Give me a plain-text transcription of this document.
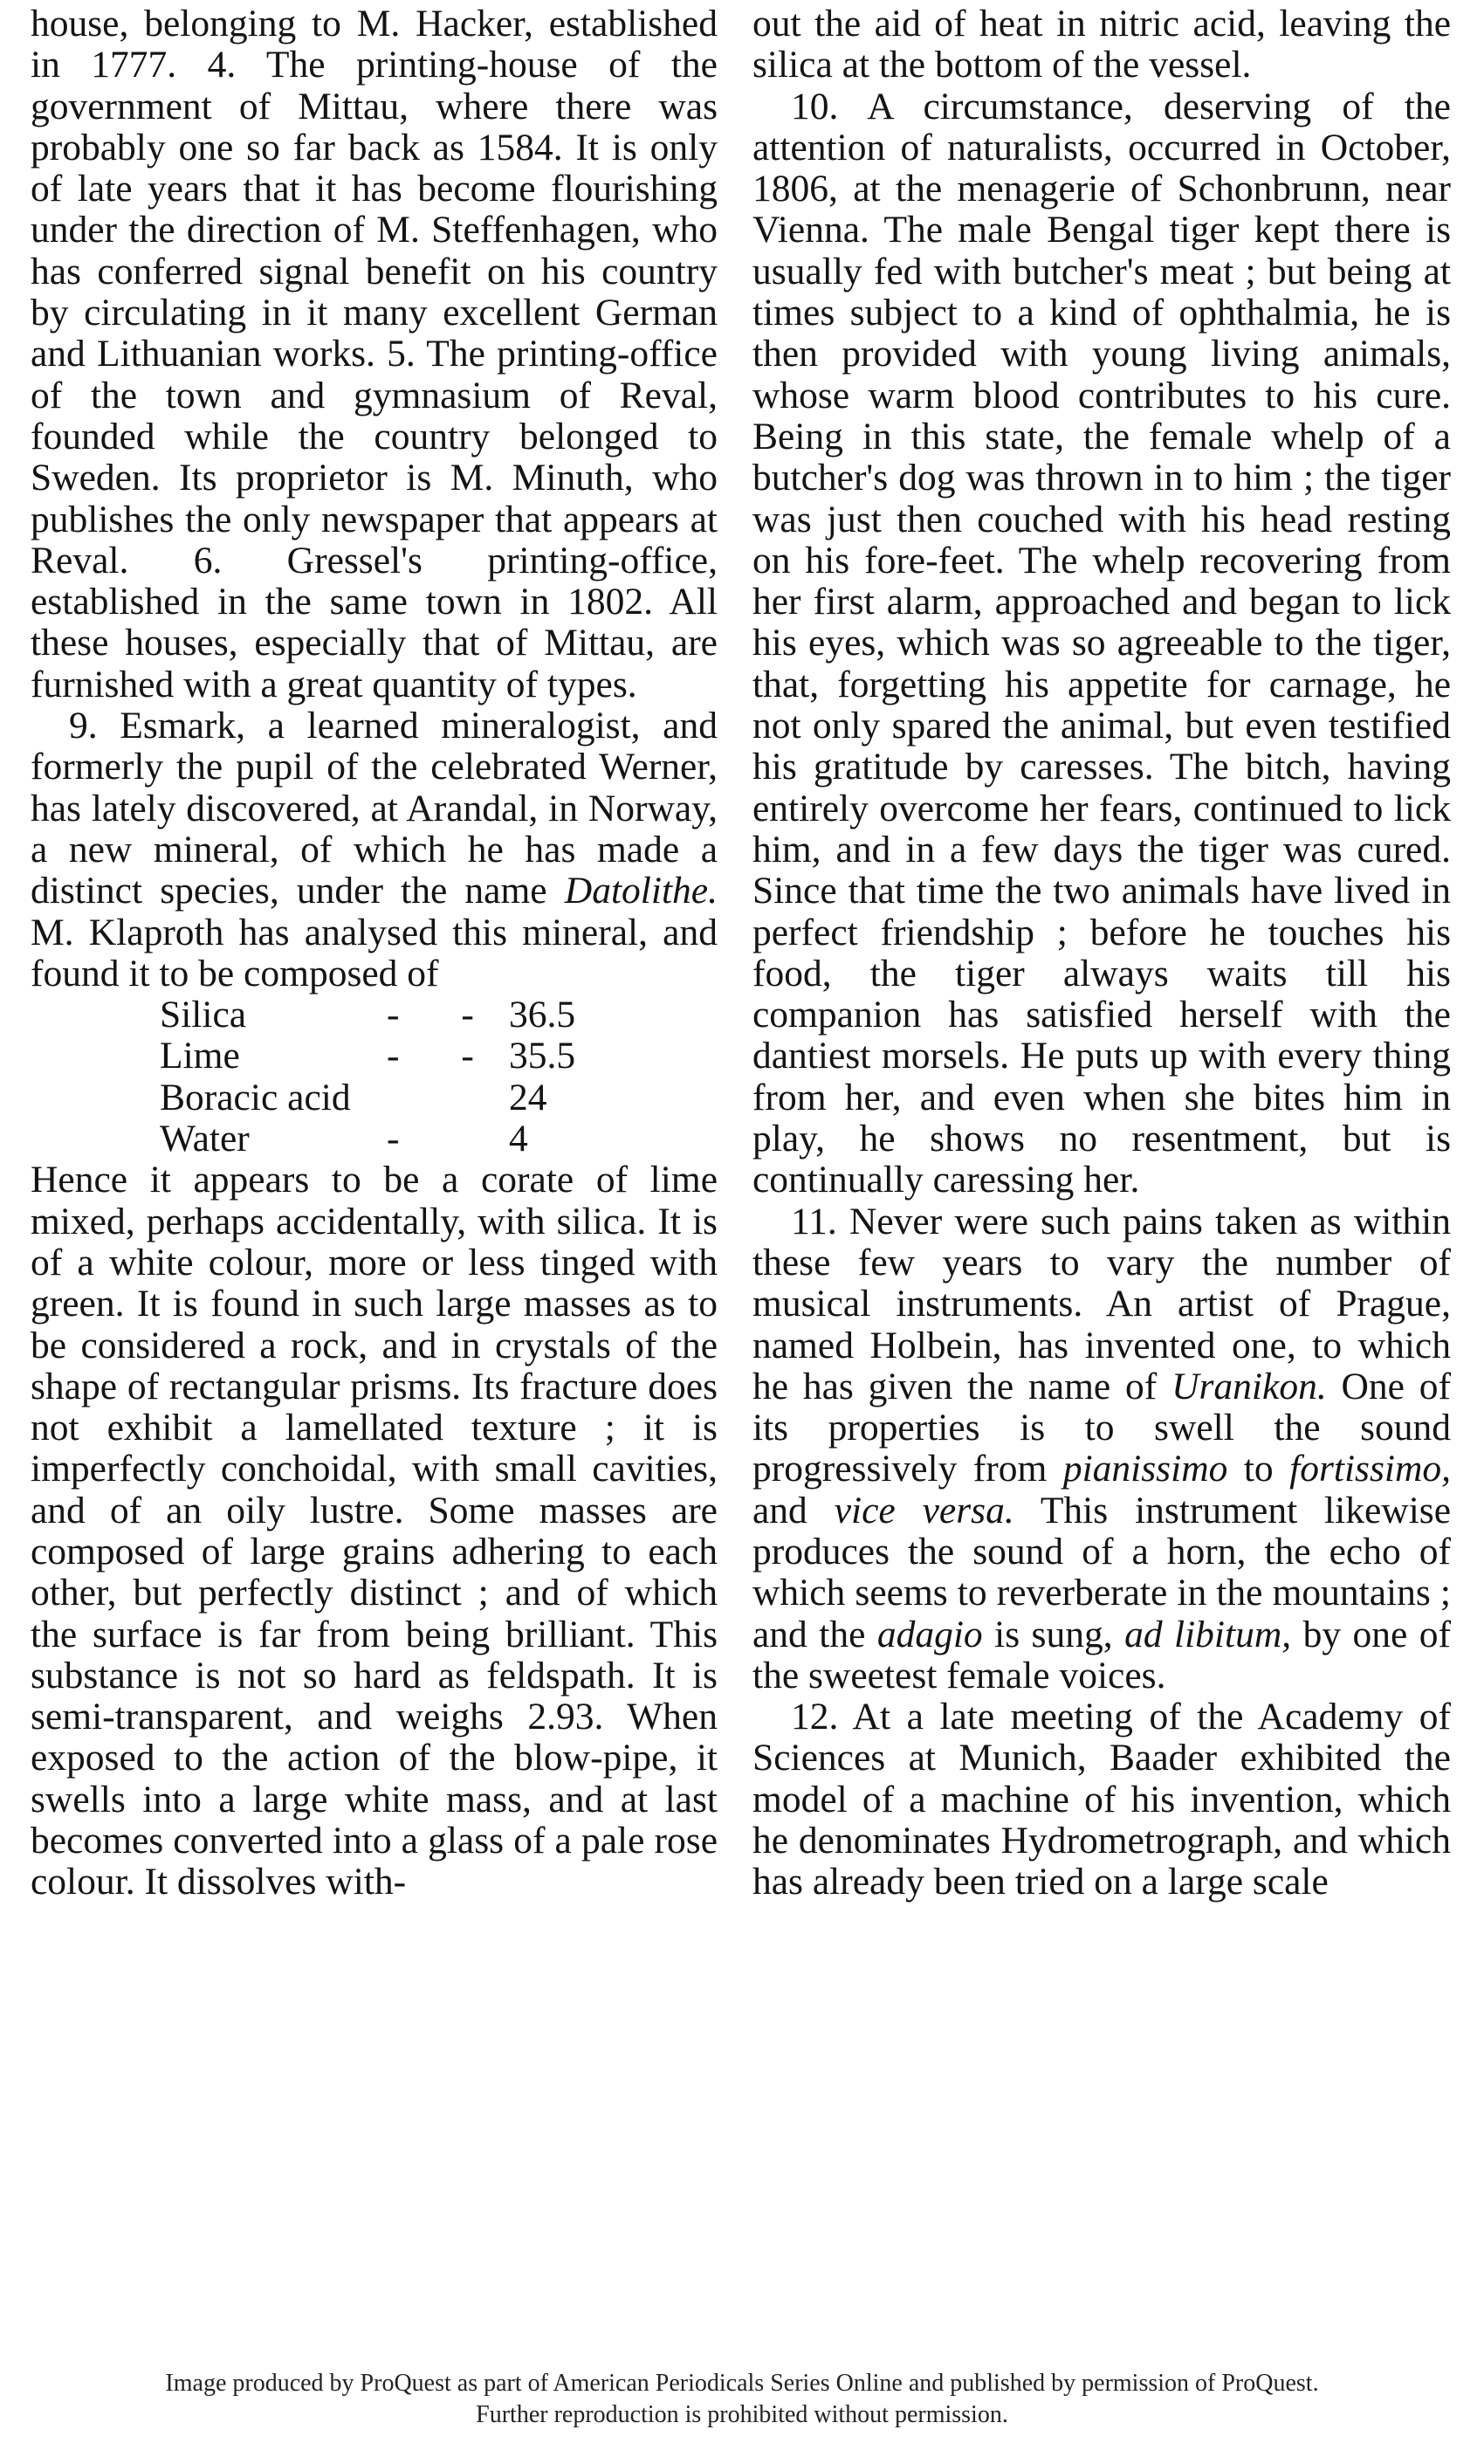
house, belonging to M. Hacker, established in 1777. 4. The printing-house of the government of Mittau, where there was probably one so far back as 1584. It is only of late years that it has become flourishing under the direction of M. Steffenhagen, who has conferred signal benefit on his country by circulating in it many excellent German and Lithuanian works. 5. The printing-office of the town and gymnasium of Reval, founded while the country belonged to Sweden. Its proprietor is M. Minuth, who publishes the only newspaper that appears at Reval. 6. Gressel's printing-office, established in the same town in 1802. All these houses, especially that of Mittau, are furnished with a great quantity of types.

9. Esmark, a learned mineralogist, and formerly the pupil of the celebrated Werner, has lately discovered, at Arandal, in Norway, a new mineral, of which he has made a distinct species, under the name Datolithe. M. Klaproth has analysed this mineral, and found it to be composed of

Silica	- -	36.5
Lime	- -	35.5
Boracic acid		24
Water	-	4

Hence it appears to be a corate of lime mixed, perhaps accidentally, with silica. It is of a white colour, more or less tinged with green. It is found in such large masses as to be considered a rock, and in crystals of the shape of rectangular prisms. Its fracture does not exhibit a lamellated texture ; it is imperfectly conchoidal, with small cavities, and of an oily lustre. Some masses are composed of large grains adhering to each other, but perfectly distinct ; and of which the surface is far from being brilliant. This substance is not so hard as feldspath. It is semi-transparent, and weighs 2.93. When exposed to the action of the blow-pipe, it swells into a large white mass, and at last becomes converted into a glass of a pale rose colour. It dissolves with-

out the aid of heat in nitric acid, leaving the silica at the bottom of the vessel.

10. A circumstance, deserving of the attention of naturalists, occurred in October, 1806, at the menagerie of Schonbrunn, near Vienna. The male Bengal tiger kept there is usually fed with butcher's meat ; but being at times subject to a kind of ophthalmia, he is then provided with young living animals, whose warm blood contributes to his cure. Being in this state, the female whelp of a butcher's dog was thrown in to him ; the tiger was just then couched with his head resting on his fore-feet. The whelp recovering from her first alarm, approached and began to lick his eyes, which was so agreeable to the tiger, that, forgetting his appetite for carnage, he not only spared the animal, but even testified his gratitude by caresses. The bitch, having entirely overcome her fears, continued to lick him, and in a few days the tiger was cured. Since that time the two animals have lived in perfect friendship ; before he touches his food, the tiger always waits till his companion has satisfied herself with the dantiest morsels. He puts up with every thing from her, and even when she bites him in play, he shows no resentment, but is continually caressing her.

11. Never were such pains taken as within these few years to vary the number of musical instruments. An artist of Prague, named Holbein, has invented one, to which he has given the name of Uranikon. One of its properties is to swell the sound progressively from pianissimo to fortissimo, and vice versa. This instrument likewise produces the sound of a horn, the echo of which seems to reverberate in the mountains ; and the adagio is sung, ad libitum, by one of the sweetest female voices.

12. At a late meeting of the Academy of Sciences at Munich, Baader exhibited the model of a machine of his invention, which he denominates Hydrometrograph, and which has already been tried on a large scale

Image produced by ProQuest as part of American Periodicals Series Online and published by permission of ProQuest.
Further reproduction is prohibited without permission.
